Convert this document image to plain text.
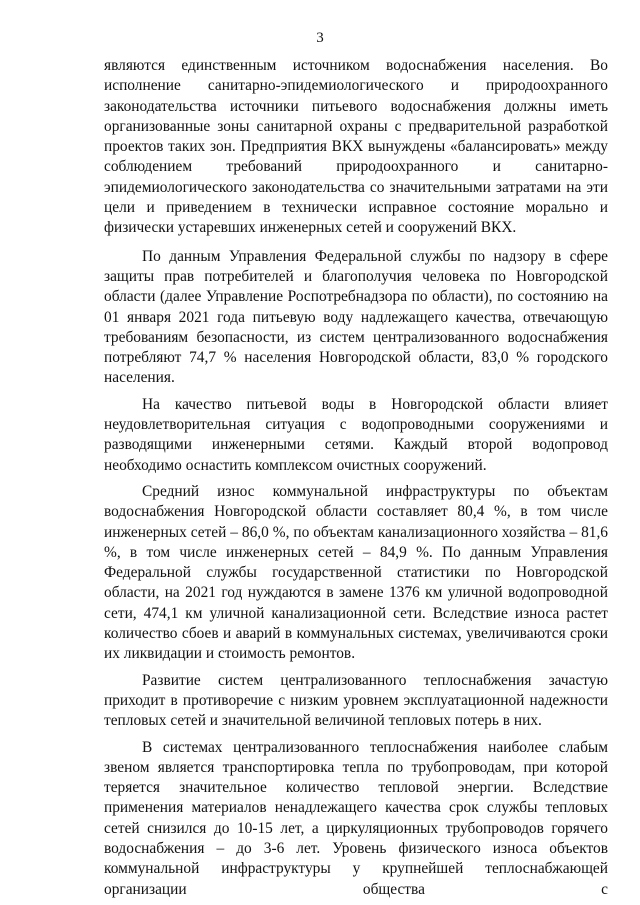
3

являются единственным источником водоснабжения населения. Во исполнение санитарно-эпидемиологического и природоохранного законодательства источники питьевого водоснабжения должны иметь организованные зоны санитарной охраны с предварительной разработкой проектов таких зон. Предприятия ВКХ вынуждены «балансировать» между соблюдением требований природоохранного и санитарно-эпидемиологического законодательства со значительными затратами на эти цели и приведением в технически исправное состояние морально и физически устаревших инженерных сетей и сооружений ВКХ.

По данным Управления Федеральной службы по надзору в сфере защиты прав потребителей и благополучия человека по Новгородской области (далее Управление Роспотребнадзора по области), по состоянию на 01 января 2021 года питьевую воду надлежащего качества, отвечающую требованиям безопасности, из систем централизованного водоснабжения потребляют 74,7 % населения Новгородской области, 83,0 % городского населения.

На качество питьевой воды в Новгородской области влияет неудовлетворительная ситуация с водопроводными сооружениями и разводящими инженерными сетями. Каждый второй водопровод необходимо оснастить комплексом очистных сооружений.

Средний износ коммунальной инфраструктуры по объектам водоснабжения Новгородской области составляет 80,4 %, в том числе инженерных сетей – 86,0 %, по объектам канализационного хозяйства – 81,6 %, в том числе инженерных сетей – 84,9 %. По данным Управления Федеральной службы государственной статистики по Новгородской области, на 2021 год нуждаются в замене 1376 км уличной водопроводной сети, 474,1 км уличной канализационной сети. Вследствие износа растет количество сбоев и аварий в коммунальных системах, увеличиваются сроки их ликвидации и стоимость ремонтов.

Развитие систем централизованного теплоснабжения зачастую приходит в противоречие с низким уровнем эксплуатационной надежности тепловых сетей и значительной величиной тепловых потерь в них.

В системах централизованного теплоснабжения наиболее слабым звеном является транспортировка тепла по трубопроводам, при которой теряется значительное количество тепловой энергии. Вследствие применения материалов ненадлежащего качества срок службы тепловых сетей снизился до 10-15 лет, а циркуляционных трубопроводов горячего водоснабжения – до 3-6 лет. Уровень физического износа объектов коммунальной инфраструктуры у крупнейшей теплоснабжающей организации общества с
